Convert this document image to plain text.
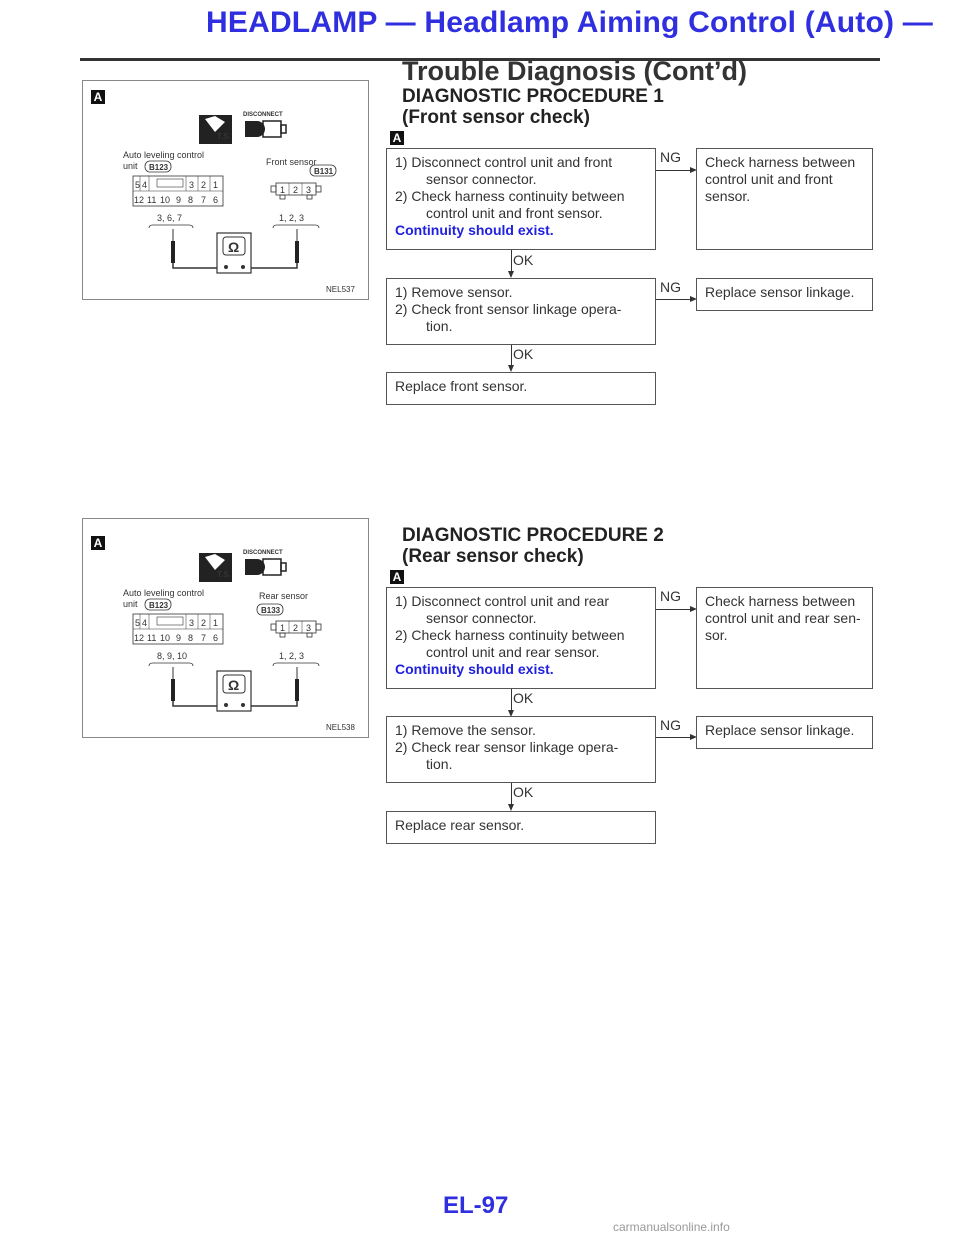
HEADLAMP — Headlamp Aiming Control (Auto) —
Trouble Diagnosis (Cont’d)
DIAGNOSTIC PROCEDURE 1
(Front sensor check)
A
A
T.S.
DISCONNECT
Auto leveling control
unit B123
5 4	3 2 1
12 11 10 9 8 7 6
Front sensor
B131
1 2 3
3, 6, 7	1, 2, 3
Ω
NEL537
1) Disconnect control unit and front
sensor connector.
2) Check harness continuity between
control unit and front sensor.
Continuity should exist.
NG Check harness between
control unit and front
sensor.
OK
1) Remove sensor.
2) Check front sensor linkage opera-
tion.
NG Replace sensor linkage.
OK
Replace front sensor.
DIAGNOSTIC PROCEDURE 2
(Rear sensor check)
A
A
T.S.
DISCONNECT
Auto leveling control
unit B123
5 4	3 2 1
12 11 10 9 8 7 6
Rear sensor
B133
1 2 3
8, 9, 10	1, 2, 3
Ω
NEL538
1) Disconnect control unit and rear
sensor connector.
2) Check harness continuity between
control unit and rear sensor.
Continuity should exist.
NG Check harness between
control unit and rear sen-
sor.
OK
1) Remove the sensor.
2) Check rear sensor linkage opera-
tion.
NG Replace sensor linkage.
OK
Replace rear sensor.
EL-97
carmanualsonline.info
